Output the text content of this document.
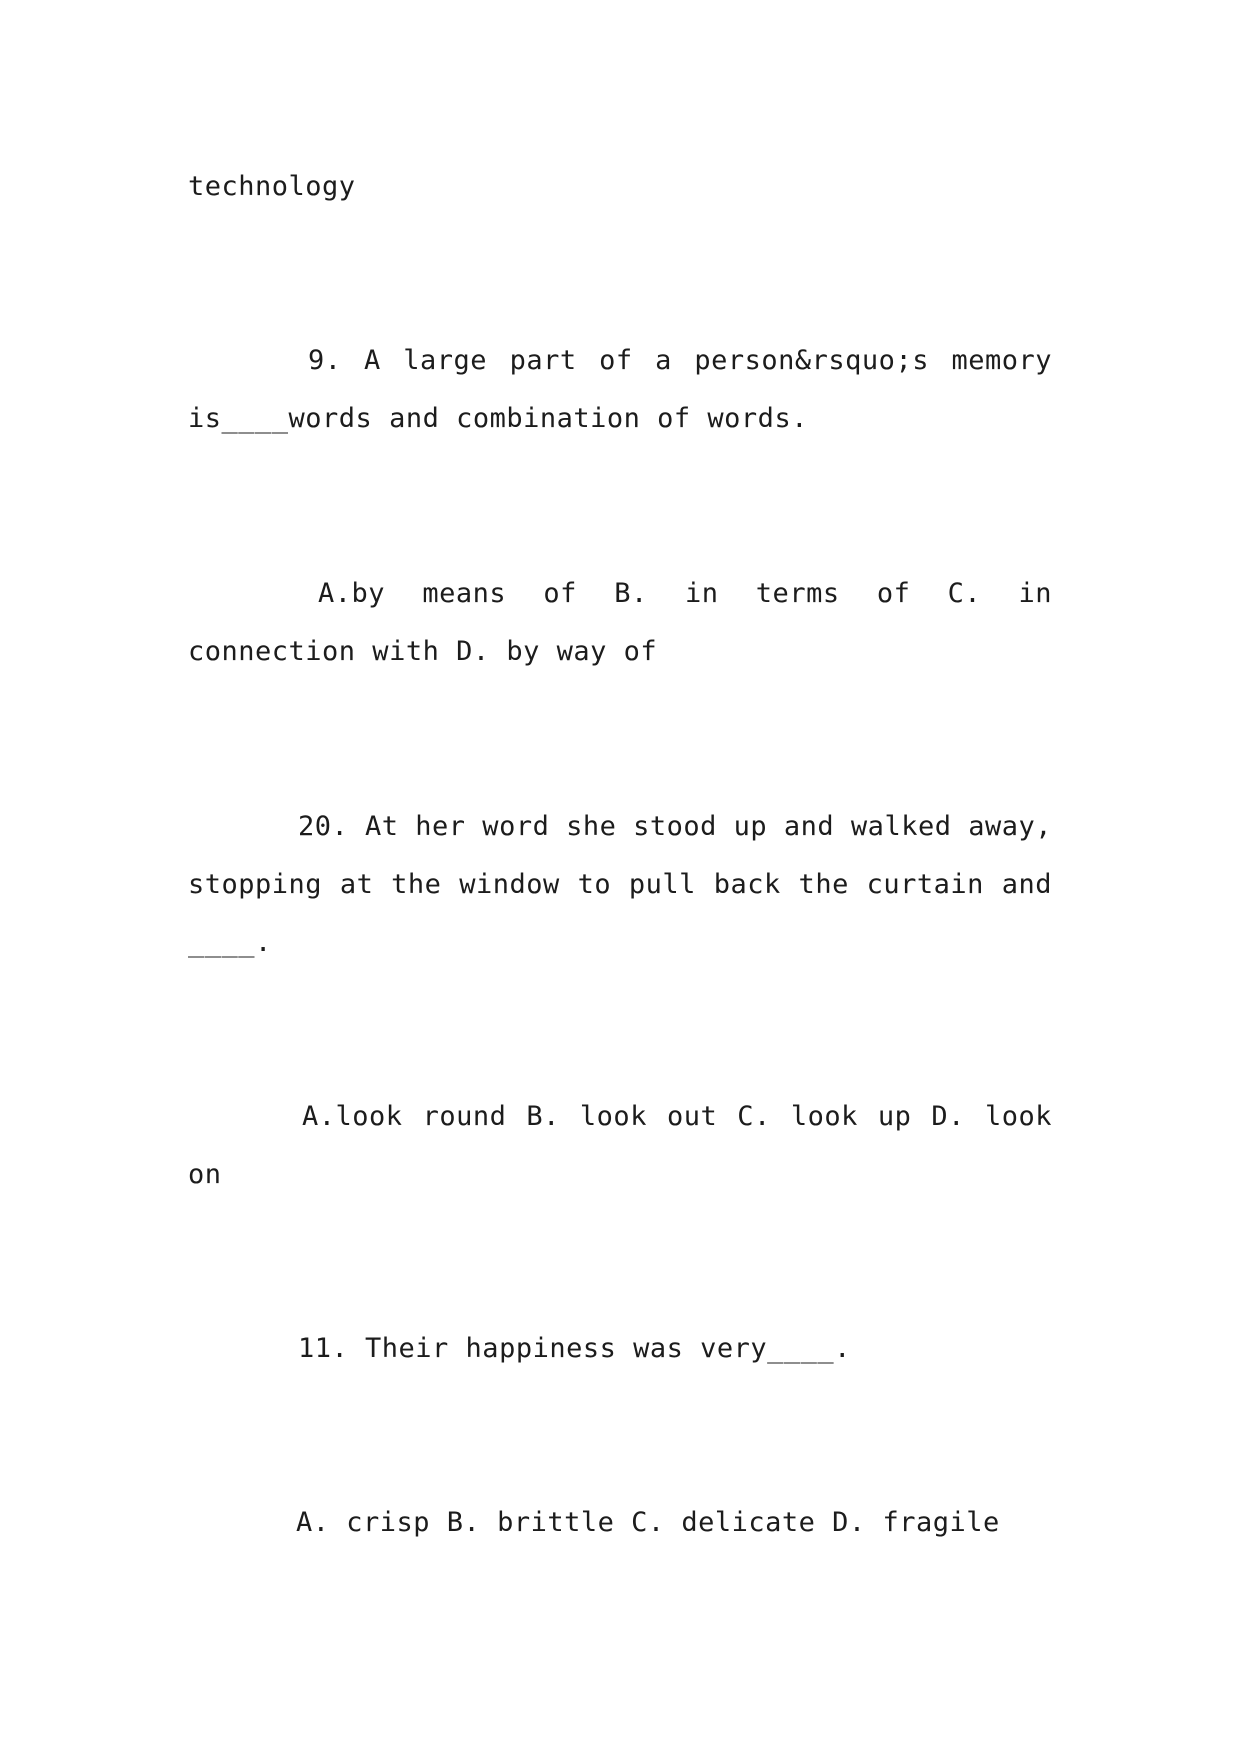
technology

9. A large part of a person&rsquo;s memory
is____words and combination of words.

A.by means of B. in terms of C. in
connection with D. by way of

20. At her word she stood up and walked away,
stopping at the window to pull back the curtain and
____.

A.look round B. look out C. look up D. look
on

11. Their happiness was very____.

A. crisp B. brittle C. delicate D. fragile
